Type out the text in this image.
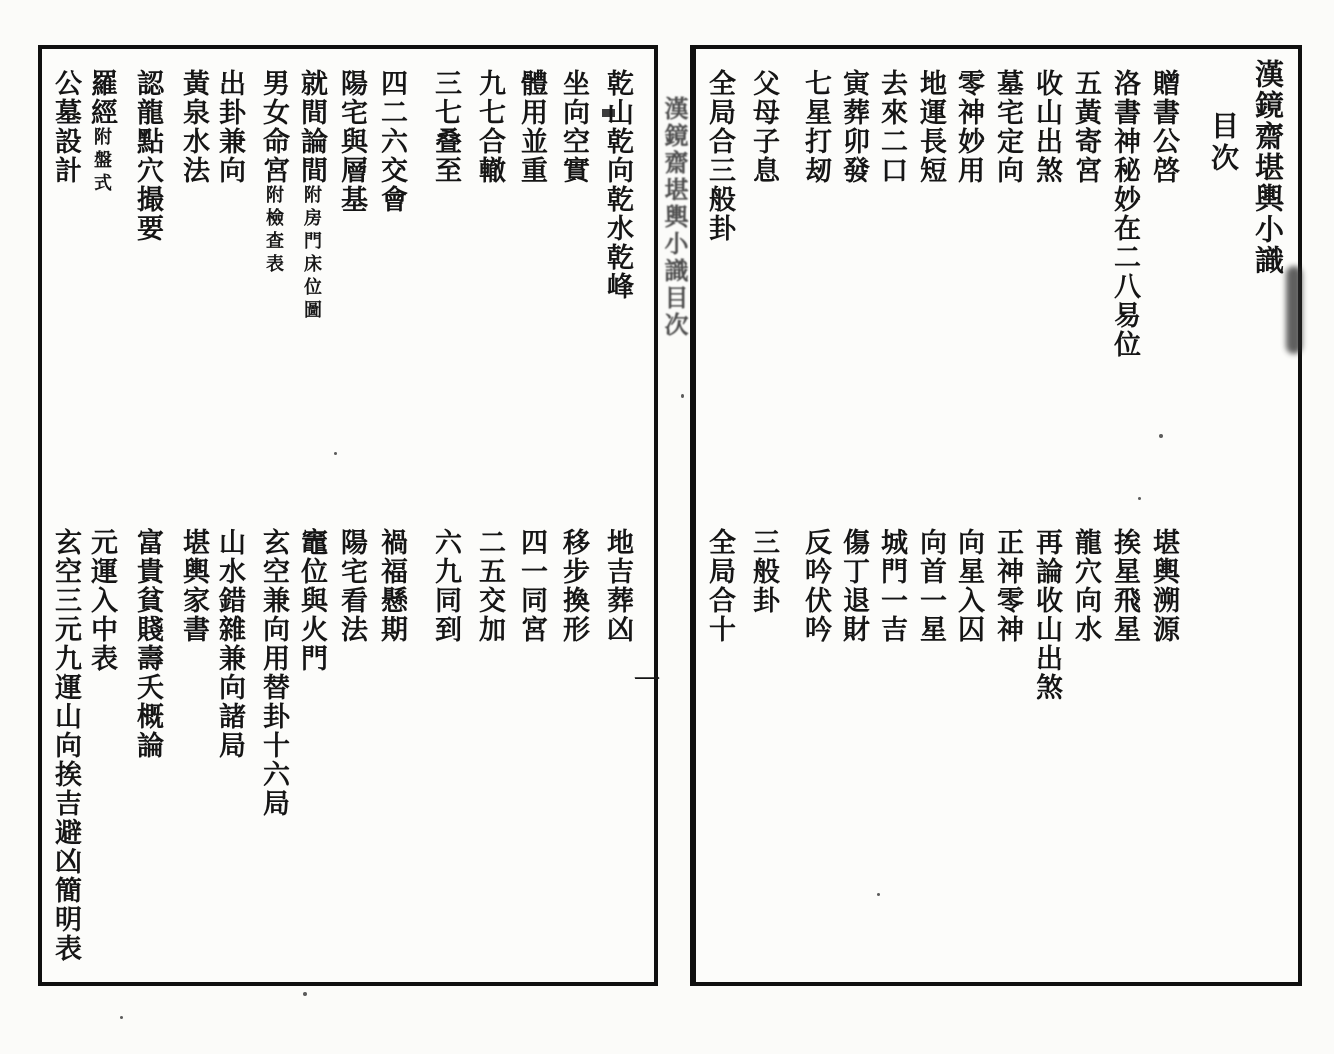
漢鏡齋堪輿小識
目次
贈書公啓
堪輿溯源
洛書神秘妙在二八易位
挨星飛星
五黃寄宮
龍穴向水
收山出煞
再論收山出煞
墓宅定向
正神零神
零神妙用
向星入囚
地運長短
向首一星
去來二口
城門一吉
寅葬卯發
傷丁退財
七星打刼
反吟伏吟
父母子息
三般卦
全局合三般卦
全局合十
乾山乾向乾水乾峰
地吉葬凶
坐向空實
移步換形
體用並重
四一同宮
九七合轍
二五交加
三七叠至
六九同到
四二六交會
禍福懸期
陽宅與層基
陽宅看法
就間論間附房門床位圖
竈位與火門
男女命宮附檢查表
玄空兼向用替卦十六局
出卦兼向
山水錯雜兼向諸局
黃泉水法
堪輿家書
認龍點穴撮要
富貴貧賤壽夭概論
羅經附盤式
元運入中表
公墓設計
玄空三元九運山向挨吉避凶簡明表
漢鏡齋堪輿小識目次
一
